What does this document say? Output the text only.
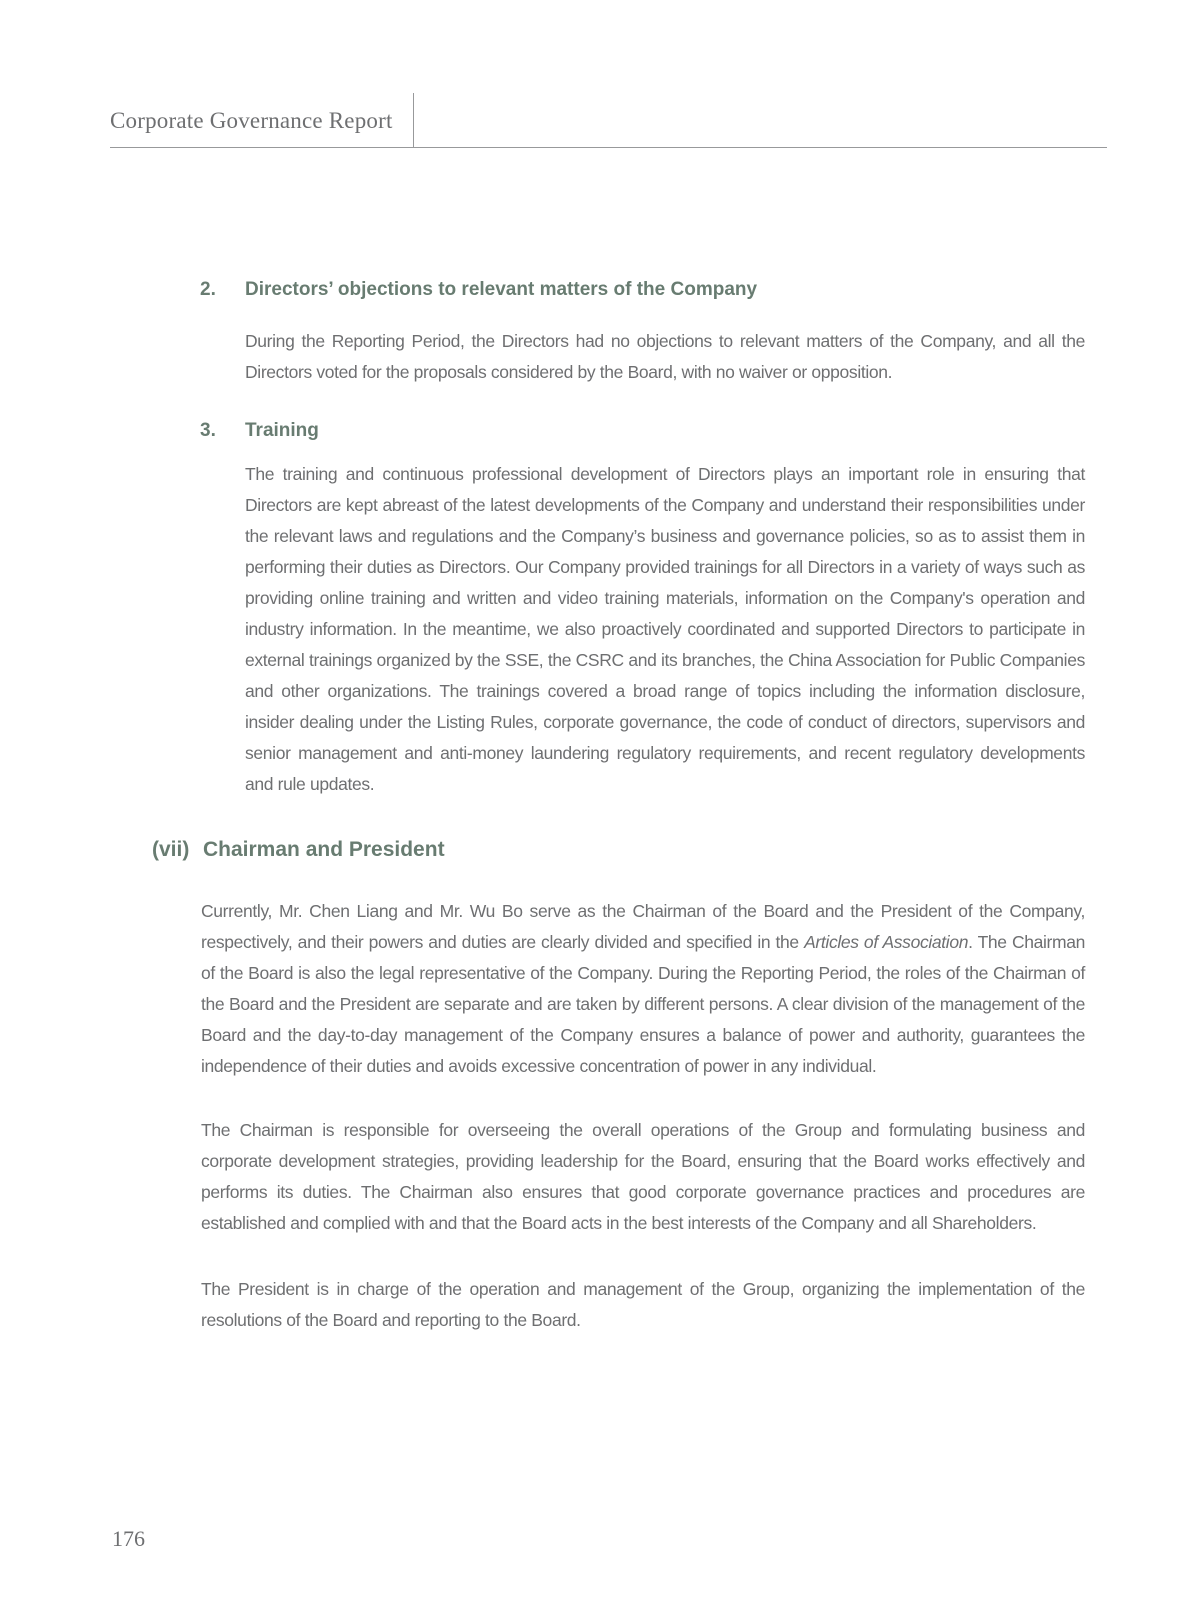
Corporate Governance Report
2.	Directors’ objections to relevant matters of the Company
During the Reporting Period, the Directors had no objections to relevant matters of the Company, and all the Directors voted for the proposals considered by the Board, with no waiver or opposition.
3.	Training
The training and continuous professional development of Directors plays an important role in ensuring that Directors are kept abreast of the latest developments of the Company and understand their responsibilities under the relevant laws and regulations and the Company’s business and governance policies, so as to assist them in performing their duties as Directors. Our Company provided trainings for all Directors in a variety of ways such as providing online training and written and video training materials, information on the Company's operation and industry information. In the meantime, we also proactively coordinated and supported Directors to participate in external trainings organized by the SSE, the CSRC and its branches, the China Association for Public Companies and other organizations. The trainings covered a broad range of topics including the information disclosure, insider dealing under the Listing Rules, corporate governance, the code of conduct of directors, supervisors and senior management and anti-money laundering regulatory requirements, and recent regulatory developments and rule updates.
(vii) Chairman and President
Currently, Mr. Chen Liang and Mr. Wu Bo serve as the Chairman of the Board and the President of the Company, respectively, and their powers and duties are clearly divided and specified in the Articles of Association. The Chairman of the Board is also the legal representative of the Company. During the Reporting Period, the roles of the Chairman of the Board and the President are separate and are taken by different persons. A clear division of the management of the Board and the day-to-day management of the Company ensures a balance of power and authority, guarantees the independence of their duties and avoids excessive concentration of power in any individual.
The Chairman is responsible for overseeing the overall operations of the Group and formulating business and corporate development strategies, providing leadership for the Board, ensuring that the Board works effectively and performs its duties. The Chairman also ensures that good corporate governance practices and procedures are established and complied with and that the Board acts in the best interests of the Company and all Shareholders.
The President is in charge of the operation and management of the Group, organizing the implementation of the resolutions of the Board and reporting to the Board.
176
